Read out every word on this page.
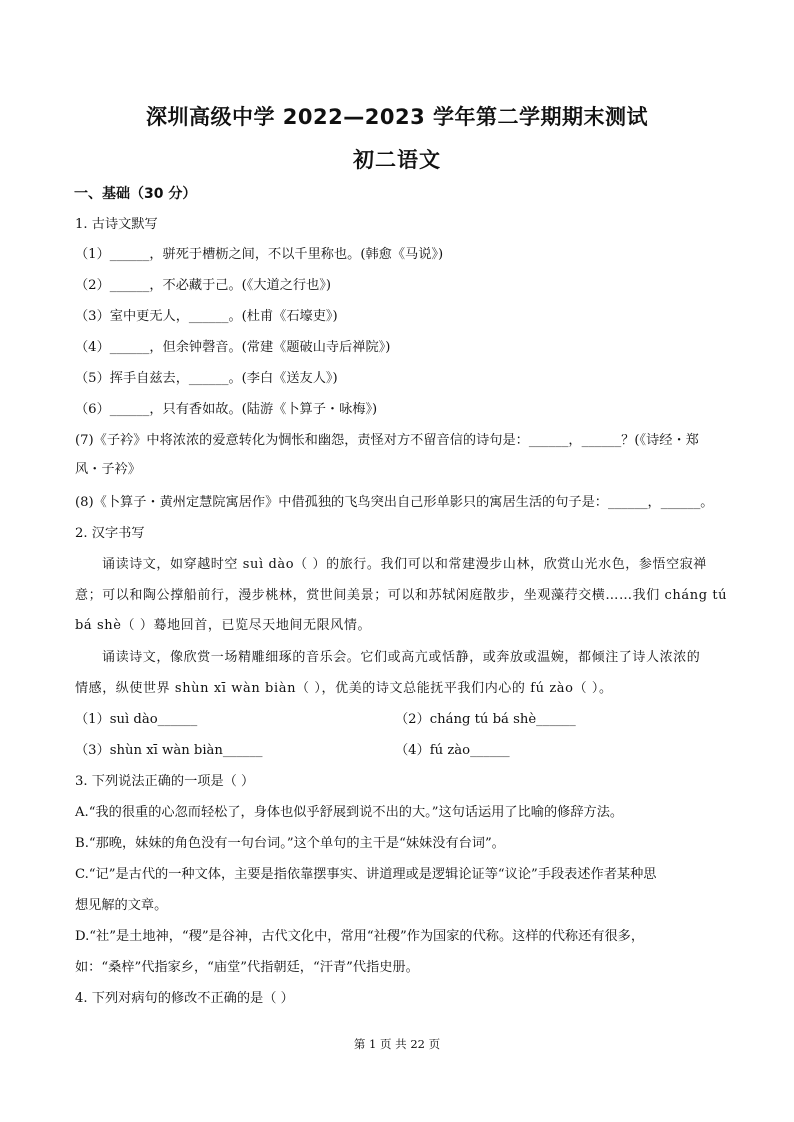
深圳高级中学 2022—2023 学年第二学期期末测试
初二语文
一、基础（30 分）
1. 古诗文默写
（1）______，骈死于槽枥之间，不以千里称也。(韩愈《马说》)
（2）______，不必藏于己。(《大道之行也》)
（3）室中更无人，______。(杜甫《石壕吏》)
（4）______，但余钟磬音。(常建《题破山寺后禅院》)
（5）挥手自兹去，______。(李白《送友人》)
（6）______，只有香如故。(陆游《卜算子・咏梅》)
(7)《子衿》中将浓浓的爱意转化为惆怅和幽怨，责怪对方不留音信的诗句是：______，______？(《诗经・郑
风・子衿》
(8)《卜算子・黄州定慧院寓居作》中借孤独的飞鸟突出自己形单影只的寓居生活的句子是：______，______。
2. 汉字书写
诵读诗文，如穿越时空 suì dào（ ）的旅行。我们可以和常建漫步山林，欣赏山光水色，参悟空寂禅
意；可以和陶公撑船前行，漫步桃林，赏世间美景；可以和苏轼闲庭散步，坐观藻荇交横……我们 cháng tú
bá shè（ ）蓦地回首，已览尽天地间无限风情。
诵读诗文，像欣赏一场精雕细琢的音乐会。它们或高亢或恬静，或奔放或温婉，都倾注了诗人浓浓的
情感，纵使世界 shùn xī wàn biàn（ ），优美的诗文总能抚平我们内心的 fú zào（ ）。
（1）suì dào______	（2）cháng tú bá shè______
（3）shùn xī wàn biàn______	（4）fú zào______
3. 下列说法正确的一项是（ ）
A.“我的很重的心忽而轻松了，身体也似乎舒展到说不出的大。”这句话运用了比喻的修辞方法。
B.“那晚，妹妹的角色没有一句台词。”这个单句的主干是“妹妹没有台词”。
C.“记”是古代的一种文体，主要是指依靠摆事实、讲道理或是逻辑论证等“议论”手段表述作者某种思
想见解的文章。
D.“社”是土地神，“稷”是谷神，古代文化中，常用“社稷”作为国家的代称。这样的代称还有很多，
如：“桑梓”代指家乡，“庙堂”代指朝廷，“汗青”代指史册。
4. 下列对病句的修改不正确的是（ ）
第 1 页 共 22 页
